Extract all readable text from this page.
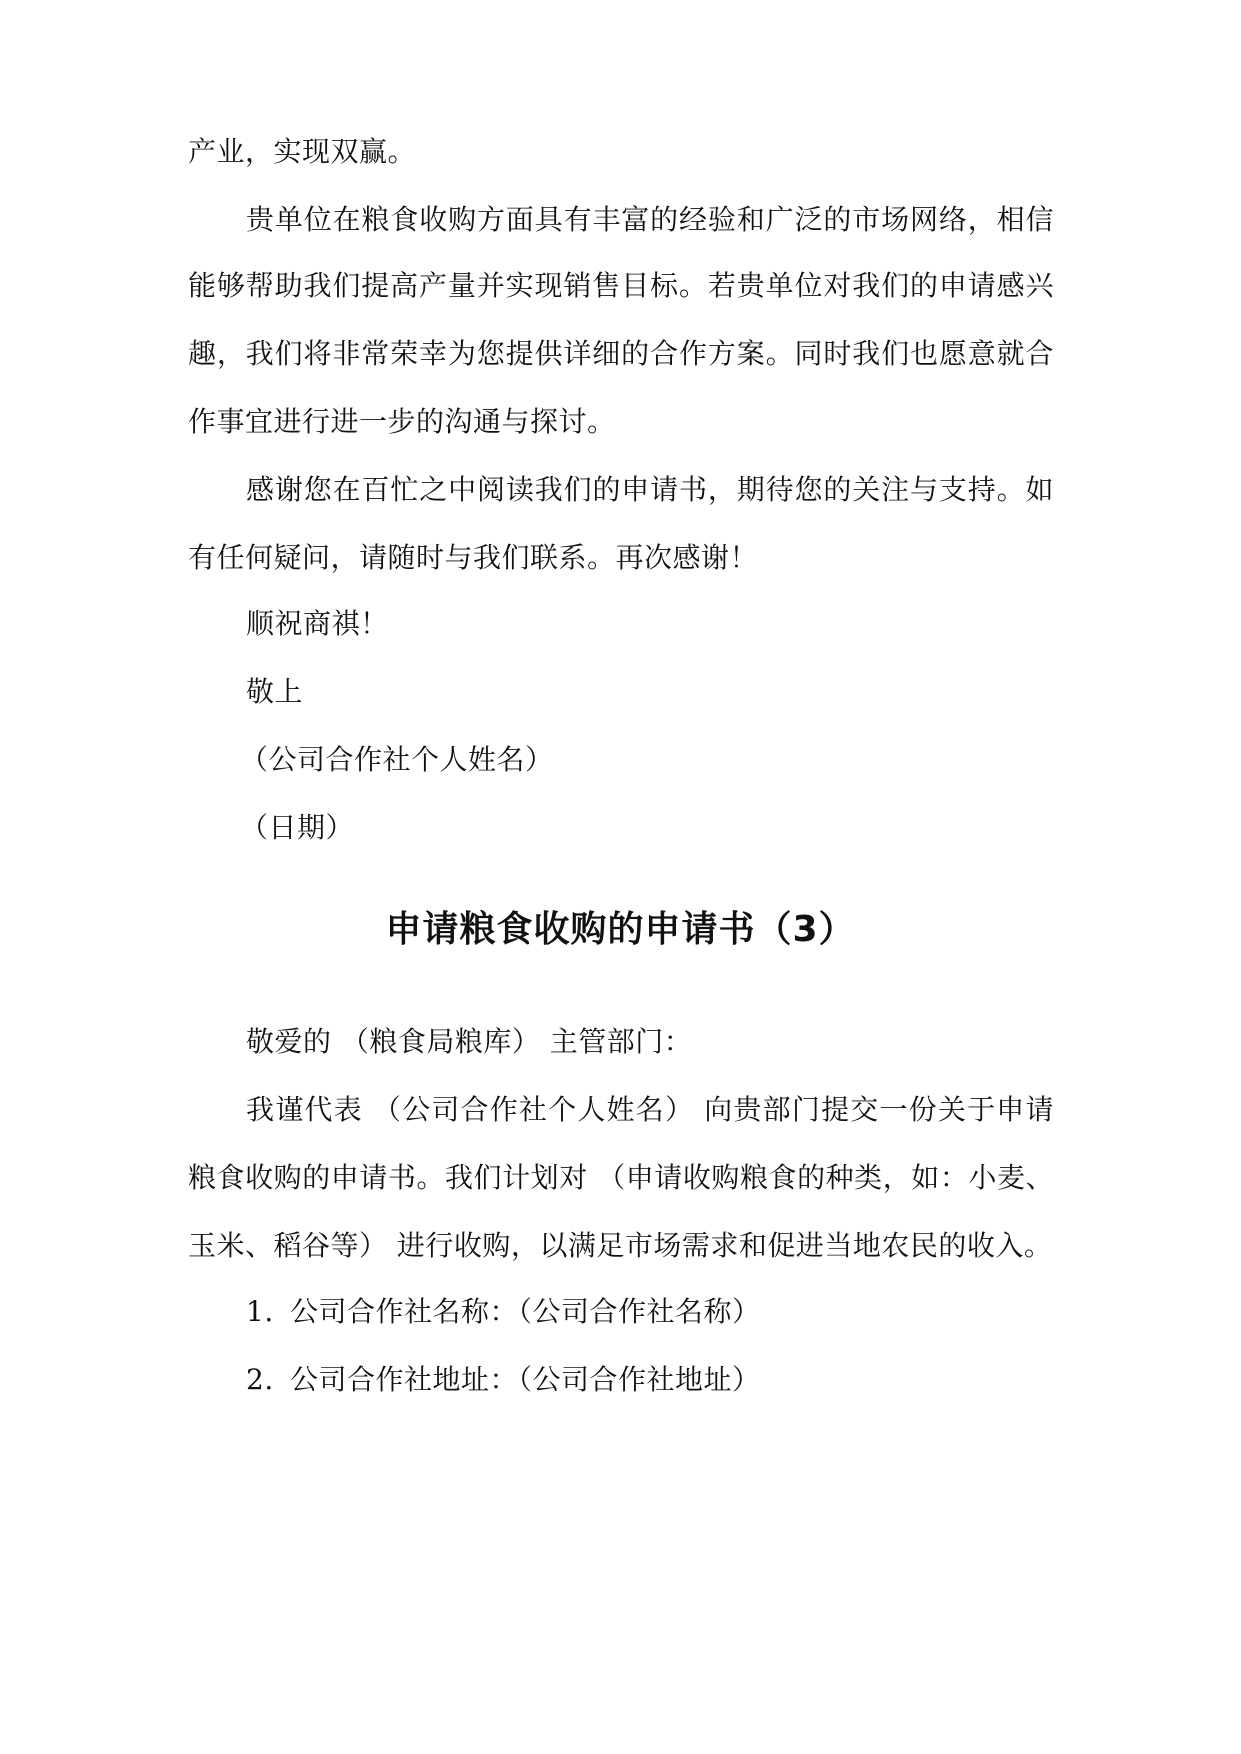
产业，实现双赢。
贵单位在粮食收购方面具有丰富的经验和广泛的市场网络，相信
能够帮助我们提高产量并实现销售目标。若贵单位对我们的申请感兴
趣，我们将非常荣幸为您提供详细的合作方案。同时我们也愿意就合
作事宜进行进一步的沟通与探讨。
感谢您在百忙之中阅读我们的申请书，期待您的关注与支持。如
有任何疑问，请随时与我们联系。再次感谢！
顺祝商祺！
敬上
（公司合作社个人姓名）
（日期）
申请粮食收购的申请书（3）
敬爱的 （粮食局粮库） 主管部门：
我谨代表 （公司合作社个人姓名） 向贵部门提交一份关于申请
粮食收购的申请书。我们计划对 （申请收购粮食的种类，如：小麦、
玉米、稻谷等） 进行收购，以满足市场需求和促进当地农民的收入。
1. 公司合作社名称：（公司合作社名称）
2. 公司合作社地址：（公司合作社地址）
